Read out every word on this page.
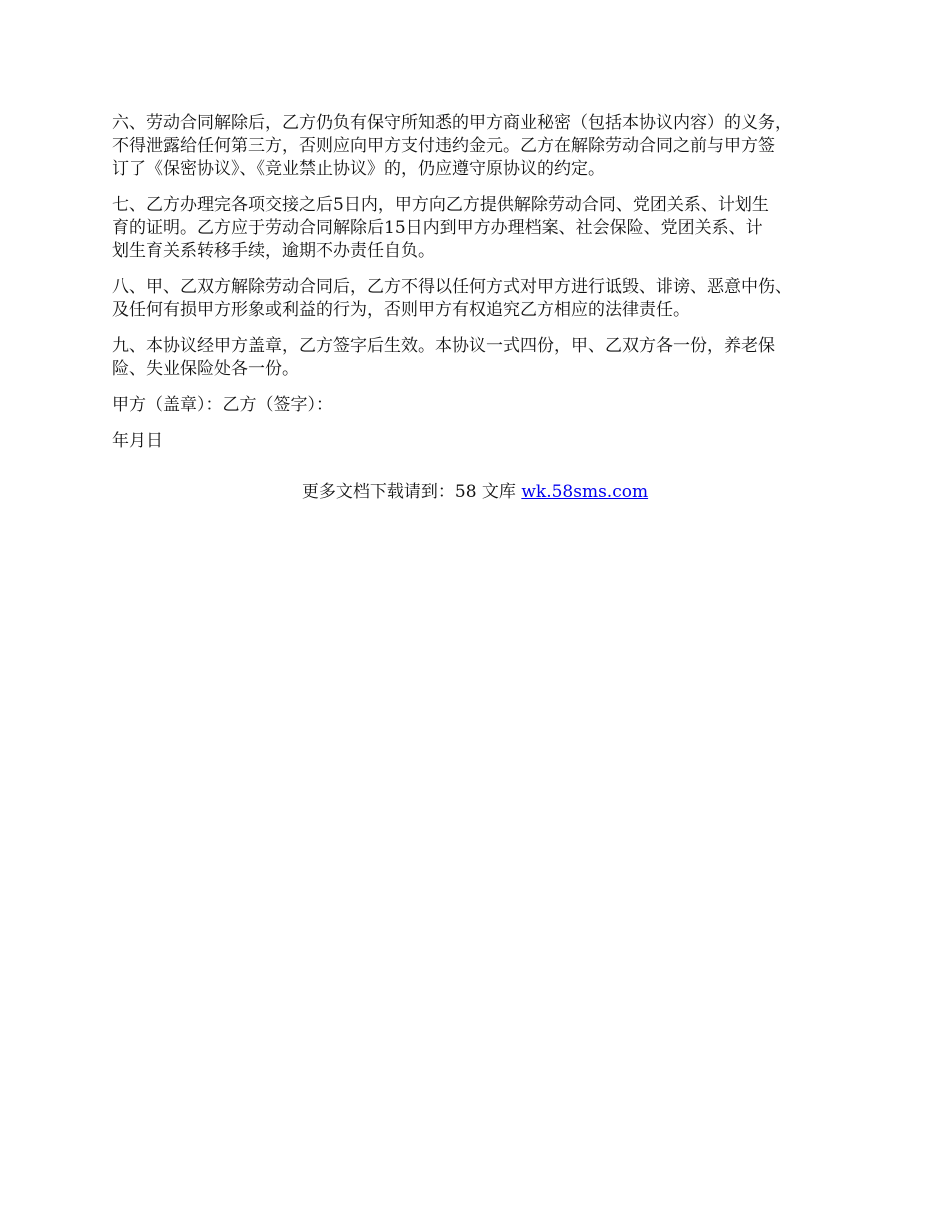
六、劳动合同解除后，乙方仍负有保守所知悉的甲方商业秘密（包括本协议内容）的义务，
不得泄露给任何第三方，否则应向甲方支付违约金元。乙方在解除劳动合同之前与甲方签
订了《保密协议》、《竞业禁止协议》的，仍应遵守原协议的约定。

七、乙方办理完各项交接之后5日内，甲方向乙方提供解除劳动合同、党团关系、计划生
育的证明。乙方应于劳动合同解除后15日内到甲方办理档案、社会保险、党团关系、计
划生育关系转移手续，逾期不办责任自负。

八、甲、乙双方解除劳动合同后，乙方不得以任何方式对甲方进行诋毁、诽谤、恶意中伤、
及任何有损甲方形象或利益的行为，否则甲方有权追究乙方相应的法律责任。

九、本协议经甲方盖章，乙方签字后生效。本协议一式四份，甲、乙双方各一份，养老保
险、失业保险处各一份。

甲方（盖章）：乙方（签字）：

年月日

更多文档下载请到：58 文库 wk.58sms.com
